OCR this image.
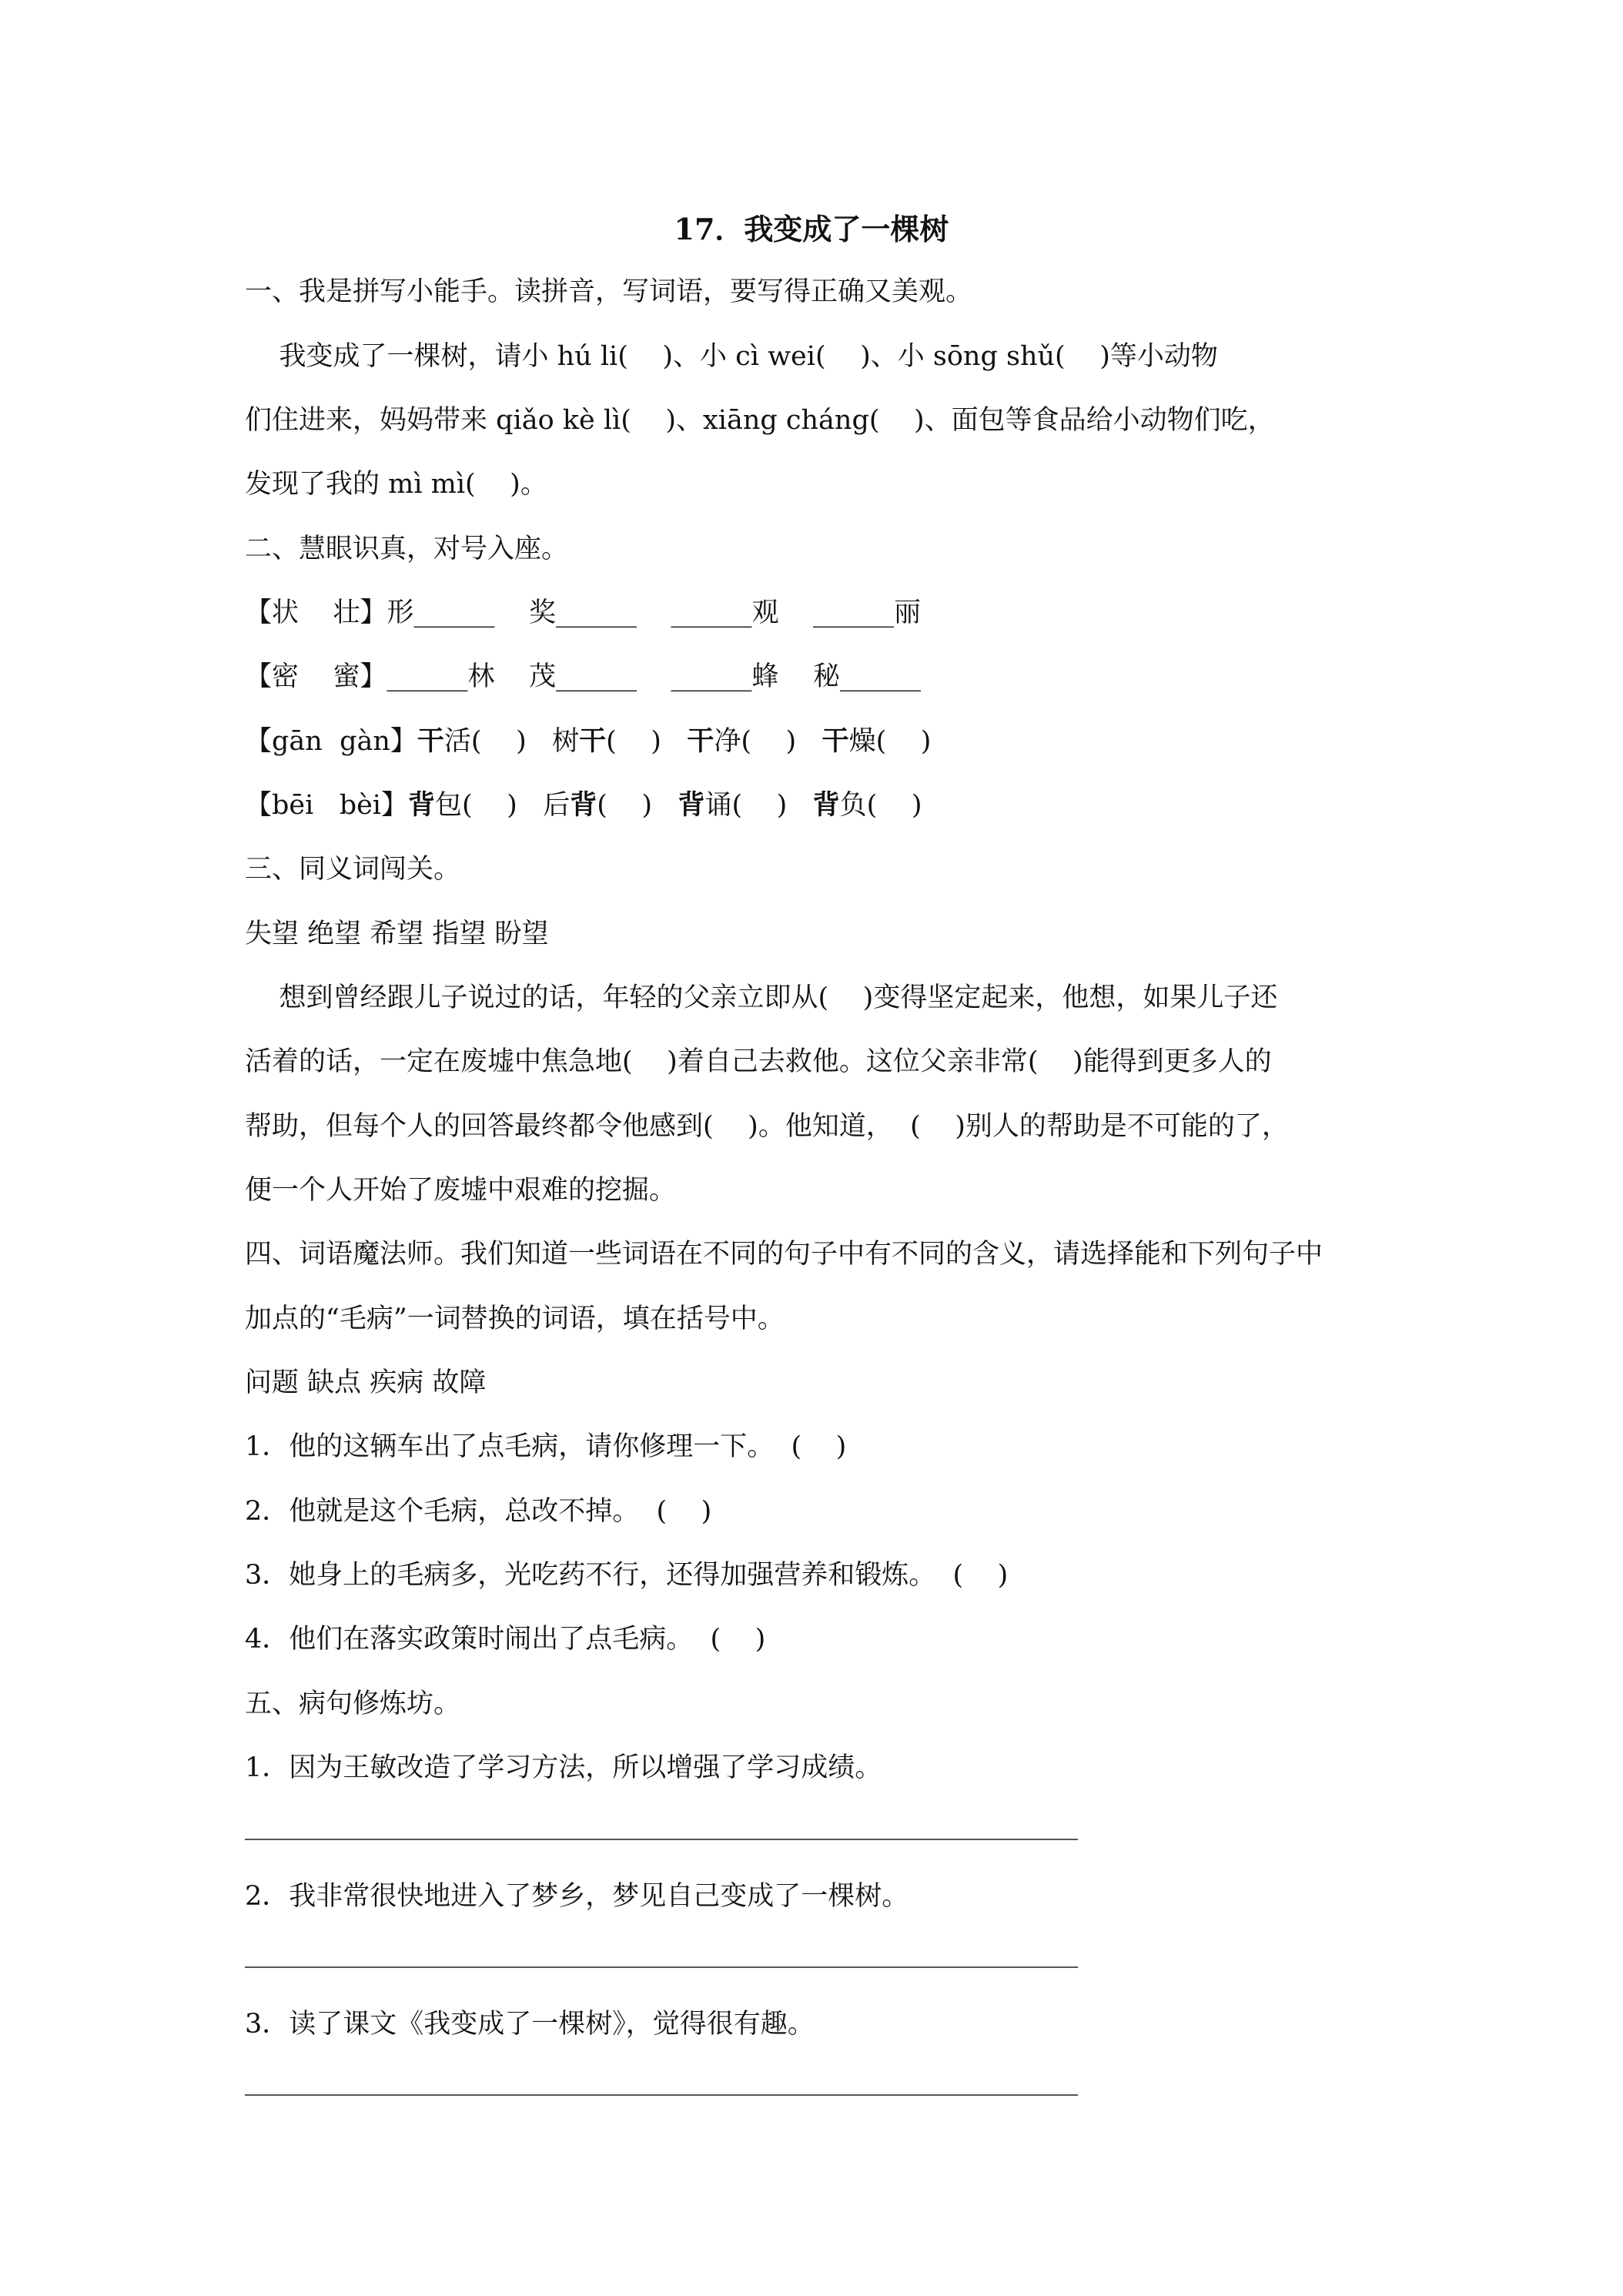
17．我变成了一棵树
一、我是拼写小能手。读拼音，写词语，要写得正确又美观。
我变成了一棵树，请小 hú li(    )、小 cì wei(    )、小 sōng shǔ(    )等小动物
们住进来，妈妈带来 qiǎo kè lì(    )、xiāng cháng(    )、面包等食品给小动物们吃，
发现了我的 mì mì(    )。
二、慧眼识真，对号入座。
【状    壮】形______    奖______    ______观    ______丽
【密    蜜】______林    茂______    ______蜂    秘______
【gān  gàn】干活(    )   树干(    )   干净(    )   干燥(    )
【bēi   bèi】背包(    )   后背(    )   背诵(    )   背负(    )
三、同义词闯关。
失望 绝望 希望 指望 盼望
想到曾经跟儿子说过的话，年轻的父亲立即从(    )变得坚定起来，他想，如果儿子还
活着的话，一定在废墟中焦急地(    )着自己去救他。这位父亲非常(    )能得到更多人的
帮助，但每个人的回答最终都令他感到(    )。他知道，  (    )别人的帮助是不可能的了，
便一个人开始了废墟中艰难的挖掘。
四、词语魔法师。我们知道一些词语在不同的句子中有不同的含义，请选择能和下列句子中
加点的“毛病”一词替换的词语，填在括号中。
问题 缺点 疾病 故障
1．他的这辆车出了点毛病，请你修理一下。  (    )
2．他就是这个毛病，总改不掉。  (    )
3．她身上的毛病多，光吃药不行，还得加强营养和锻炼。  (    )
4．他们在落实政策时闹出了点毛病。  (    )
五、病句修炼坊。
1．因为王敏改造了学习方法，所以增强了学习成绩。
2．我非常很快地进入了梦乡，梦见自己变成了一棵树。
3．读了课文《我变成了一棵树》，觉得很有趣。
